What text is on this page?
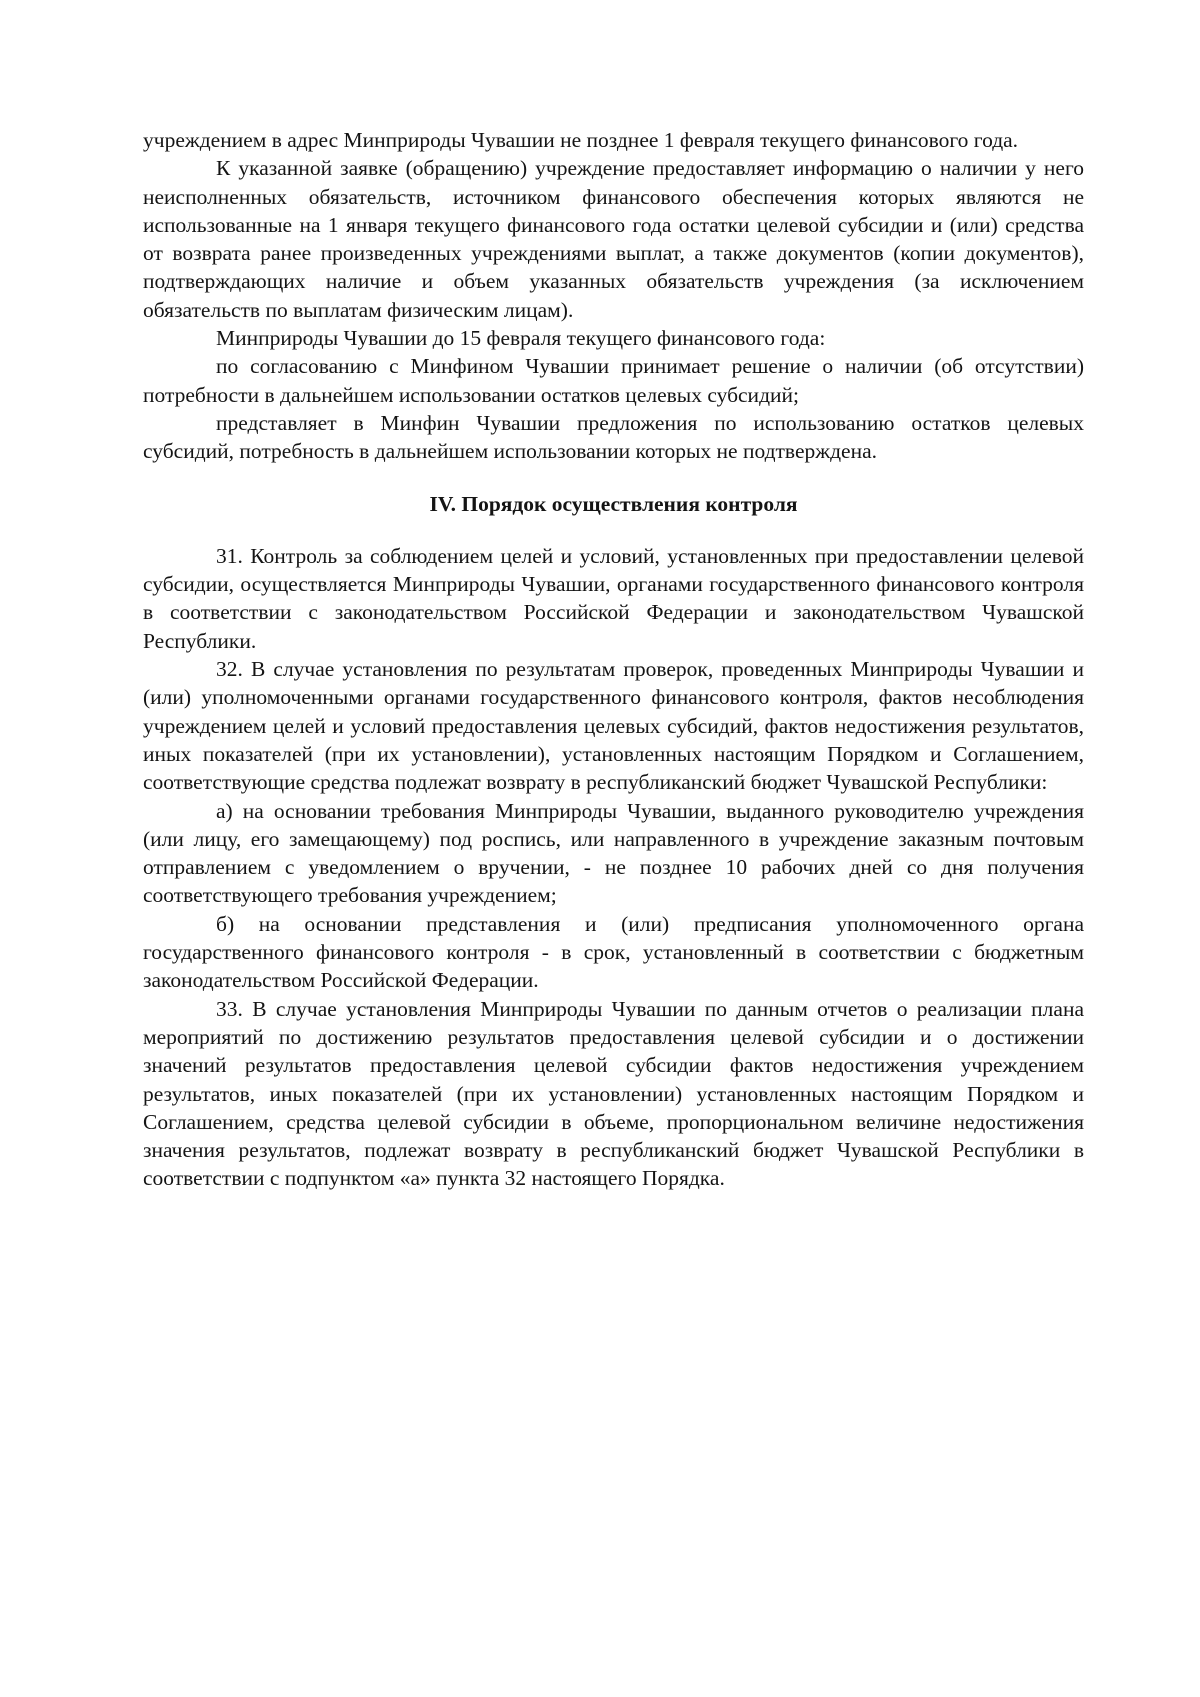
учреждением в адрес Минприроды Чувашии не позднее 1 февраля текущего финансового года.

К указанной заявке (обращению) учреждение предоставляет информацию о наличии у него неисполненных обязательств, источником финансового обеспечения которых являются не использованные на 1 января текущего финансового года остатки целевой субсидии и (или) средства от возврата ранее произведенных учреждениями выплат, а также документов (копии документов), подтверждающих наличие и объем указанных обязательств учреждения (за исключением обязательств по выплатам физическим лицам).

Минприроды Чувашии до 15 февраля текущего финансового года:

по согласованию с Минфином Чувашии принимает решение о наличии (об отсутствии) потребности в дальнейшем использовании остатков целевых субсидий;

представляет в Минфин Чувашии предложения по использованию остатков целевых субсидий, потребность в дальнейшем использовании которых не подтверждена.

IV. Порядок осуществления контроля

31. Контроль за соблюдением целей и условий, установленных при предоставлении целевой субсидии, осуществляется Минприроды Чувашии, органами государственного финансового контроля в соответствии с законодательством Российской Федерации и законодательством Чувашской Республики.

32. В случае установления по результатам проверок, проведенных Минприроды Чувашии и (или) уполномоченными органами государственного финансового контроля, фактов несоблюдения учреждением целей и условий предоставления целевых субсидий, фактов недостижения результатов, иных показателей (при их установлении), установленных настоящим Порядком и Соглашением, соответствующие средства подлежат возврату в республиканский бюджет Чувашской Республики:

а) на основании требования Минприроды Чувашии, выданного руководителю учреждения (или лицу, его замещающему) под роспись, или направленного в учреждение заказным почтовым отправлением с уведомлением о вручении, - не позднее 10 рабочих дней со дня получения соответствующего требования учреждением;

б) на основании представления и (или) предписания уполномоченного органа государственного финансового контроля - в срок, установленный в соответствии с бюджетным законодательством Российской Федерации.

33. В случае установления Минприроды Чувашии по данным отчетов о реализации плана мероприятий по достижению результатов предоставления целевой субсидии и о достижении значений результатов предоставления целевой субсидии фактов недостижения учреждением результатов, иных показателей (при их установлении) установленных настоящим Порядком и Соглашением, средства целевой субсидии в объеме, пропорциональном величине недостижения значения результатов, подлежат возврату в республиканский бюджет Чувашской Республики в соответствии с подпунктом «а» пункта 32 настоящего Порядка.
